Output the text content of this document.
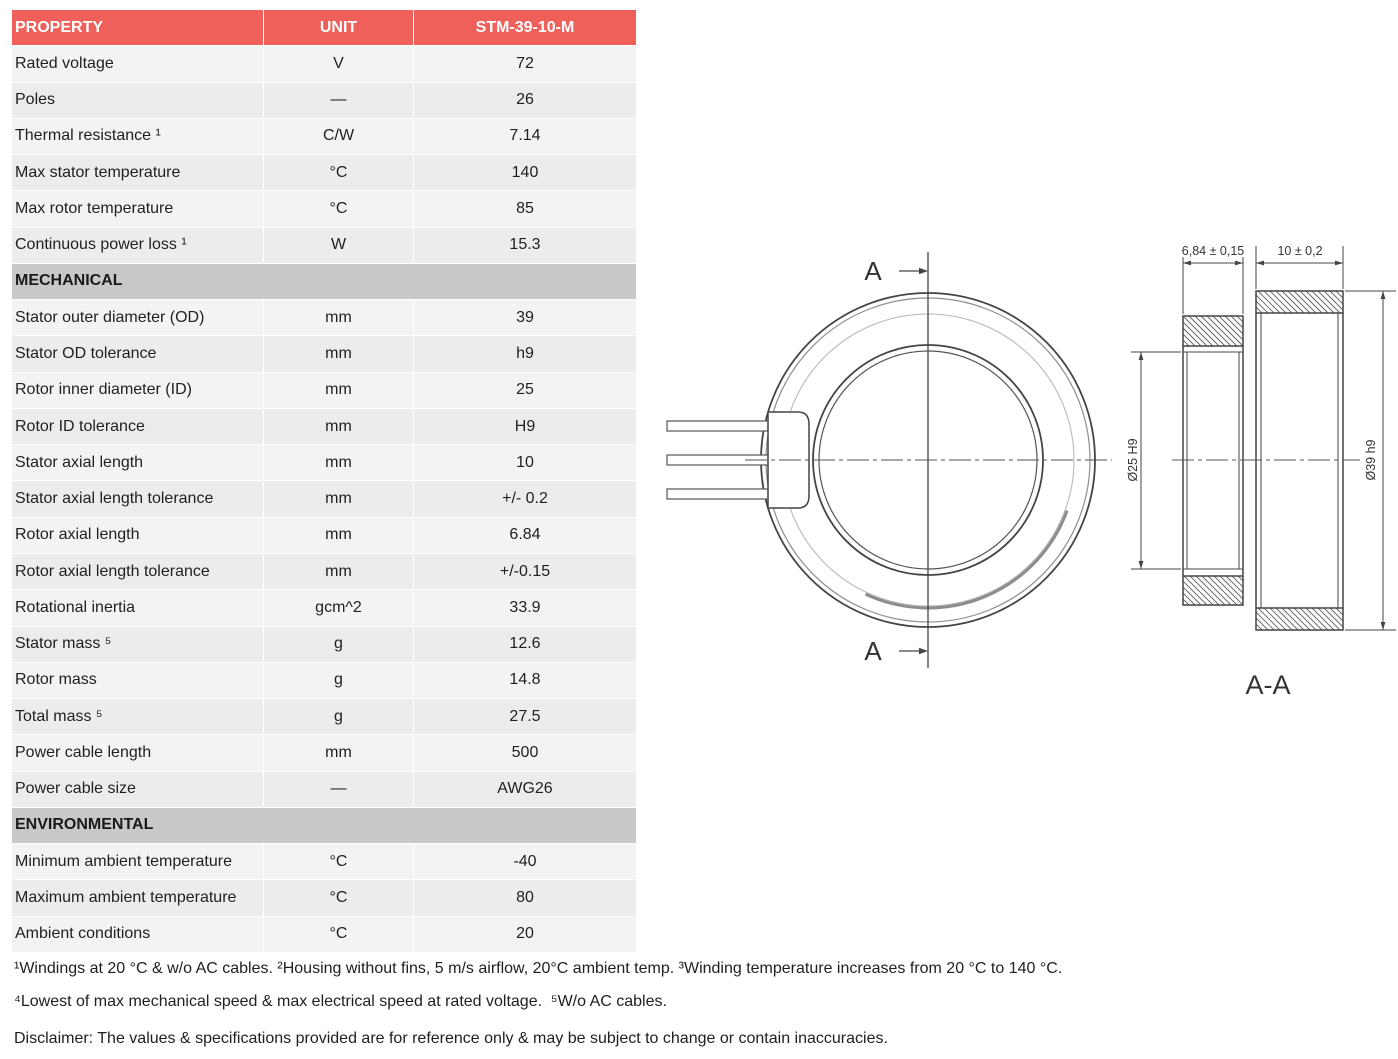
PROPERTY	UNIT	STM-39-10-M
Rated voltage	V	72
Poles	—	26
Thermal resistance ¹	C/W	7.14
Max stator temperature	°C	140
Max rotor temperature	°C	85
Continuous power loss ¹	W	15.3
MECHANICAL
Stator outer diameter (OD)	mm	39
Stator OD tolerance	mm	h9
Rotor inner diameter (ID)	mm	25
Rotor ID tolerance	mm	H9
Stator axial length	mm	10
Stator axial length tolerance	mm	+/- 0.2
Rotor axial length	mm	6.84
Rotor axial length tolerance	mm	+/-0.15
Rotational inertia	gcm^2	33.9
Stator mass ⁵	g	12.6
Rotor mass	g	14.8
Total mass ⁵	g	27.5
Power cable length	mm	500
Power cable size	—	AWG26
ENVIRONMENTAL
Minimum ambient temperature	°C	-40
Maximum ambient temperature	°C	80
Ambient conditions	°C	20
¹Windings at 20 °C & w/o AC cables. ²Housing without fins, 5 m/s airflow, 20°C ambient temp. ³Winding temperature increases from 20 °C to 140 °C.
⁴Lowest of max mechanical speed & max electrical speed at rated voltage.  ⁵W/o AC cables.
Disclaimer: The values & specifications provided are for reference only & may be subject to change or contain inaccuracies.
A
A
A-A
6,84 ± 0,15	10 ± 0,2
Ø25 H9	Ø39 h9
